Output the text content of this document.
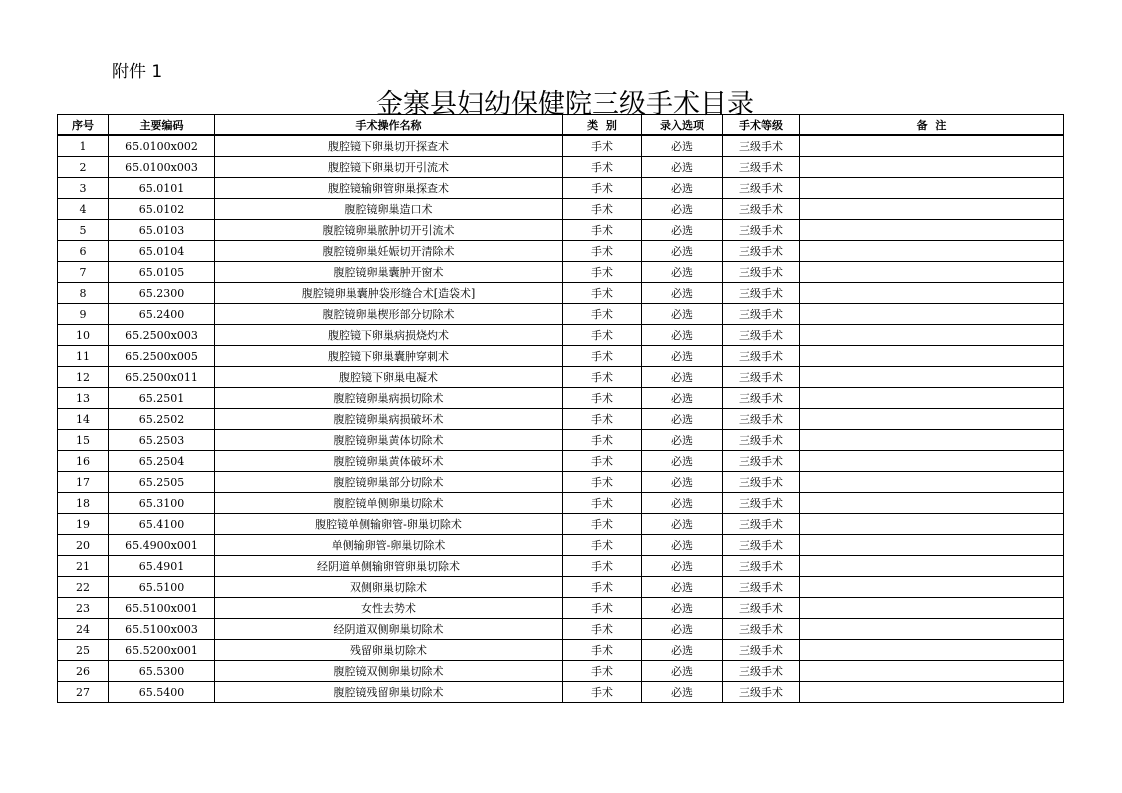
附件 1
金寨县妇幼保健院三级手术目录
序号	主要编码	手术操作名称	类  别	录入选项	手术等级	备  注
1	65.0100x002	腹腔镜下卵巢切开探查术	手术	必选	三级手术	
2	65.0100x003	腹腔镜下卵巢切开引流术	手术	必选	三级手术	
3	65.0101	腹腔镜输卵管卵巢探查术	手术	必选	三级手术	
4	65.0102	腹腔镜卵巢造口术	手术	必选	三级手术	
5	65.0103	腹腔镜卵巢脓肿切开引流术	手术	必选	三级手术	
6	65.0104	腹腔镜卵巢妊娠切开清除术	手术	必选	三级手术	
7	65.0105	腹腔镜卵巢囊肿开窗术	手术	必选	三级手术	
8	65.2300	腹腔镜卵巢囊肿袋形缝合术[造袋术]	手术	必选	三级手术	
9	65.2400	腹腔镜卵巢楔形部分切除术	手术	必选	三级手术	
10	65.2500x003	腹腔镜下卵巢病损烧灼术	手术	必选	三级手术	
11	65.2500x005	腹腔镜下卵巢囊肿穿刺术	手术	必选	三级手术	
12	65.2500x011	腹腔镜下卵巢电凝术	手术	必选	三级手术	
13	65.2501	腹腔镜卵巢病损切除术	手术	必选	三级手术	
14	65.2502	腹腔镜卵巢病损破坏术	手术	必选	三级手术	
15	65.2503	腹腔镜卵巢黄体切除术	手术	必选	三级手术	
16	65.2504	腹腔镜卵巢黄体破坏术	手术	必选	三级手术	
17	65.2505	腹腔镜卵巢部分切除术	手术	必选	三级手术	
18	65.3100	腹腔镜单侧卵巢切除术	手术	必选	三级手术	
19	65.4100	腹腔镜单侧输卵管-卵巢切除术	手术	必选	三级手术	
20	65.4900x001	单侧输卵管-卵巢切除术	手术	必选	三级手术	
21	65.4901	经阴道单侧输卵管卵巢切除术	手术	必选	三级手术	
22	65.5100	双侧卵巢切除术	手术	必选	三级手术	
23	65.5100x001	女性去势术	手术	必选	三级手术	
24	65.5100x003	经阴道双侧卵巢切除术	手术	必选	三级手术	
25	65.5200x001	残留卵巢切除术	手术	必选	三级手术	
26	65.5300	腹腔镜双侧卵巢切除术	手术	必选	三级手术	
27	65.5400	腹腔镜残留卵巢切除术	手术	必选	三级手术	
